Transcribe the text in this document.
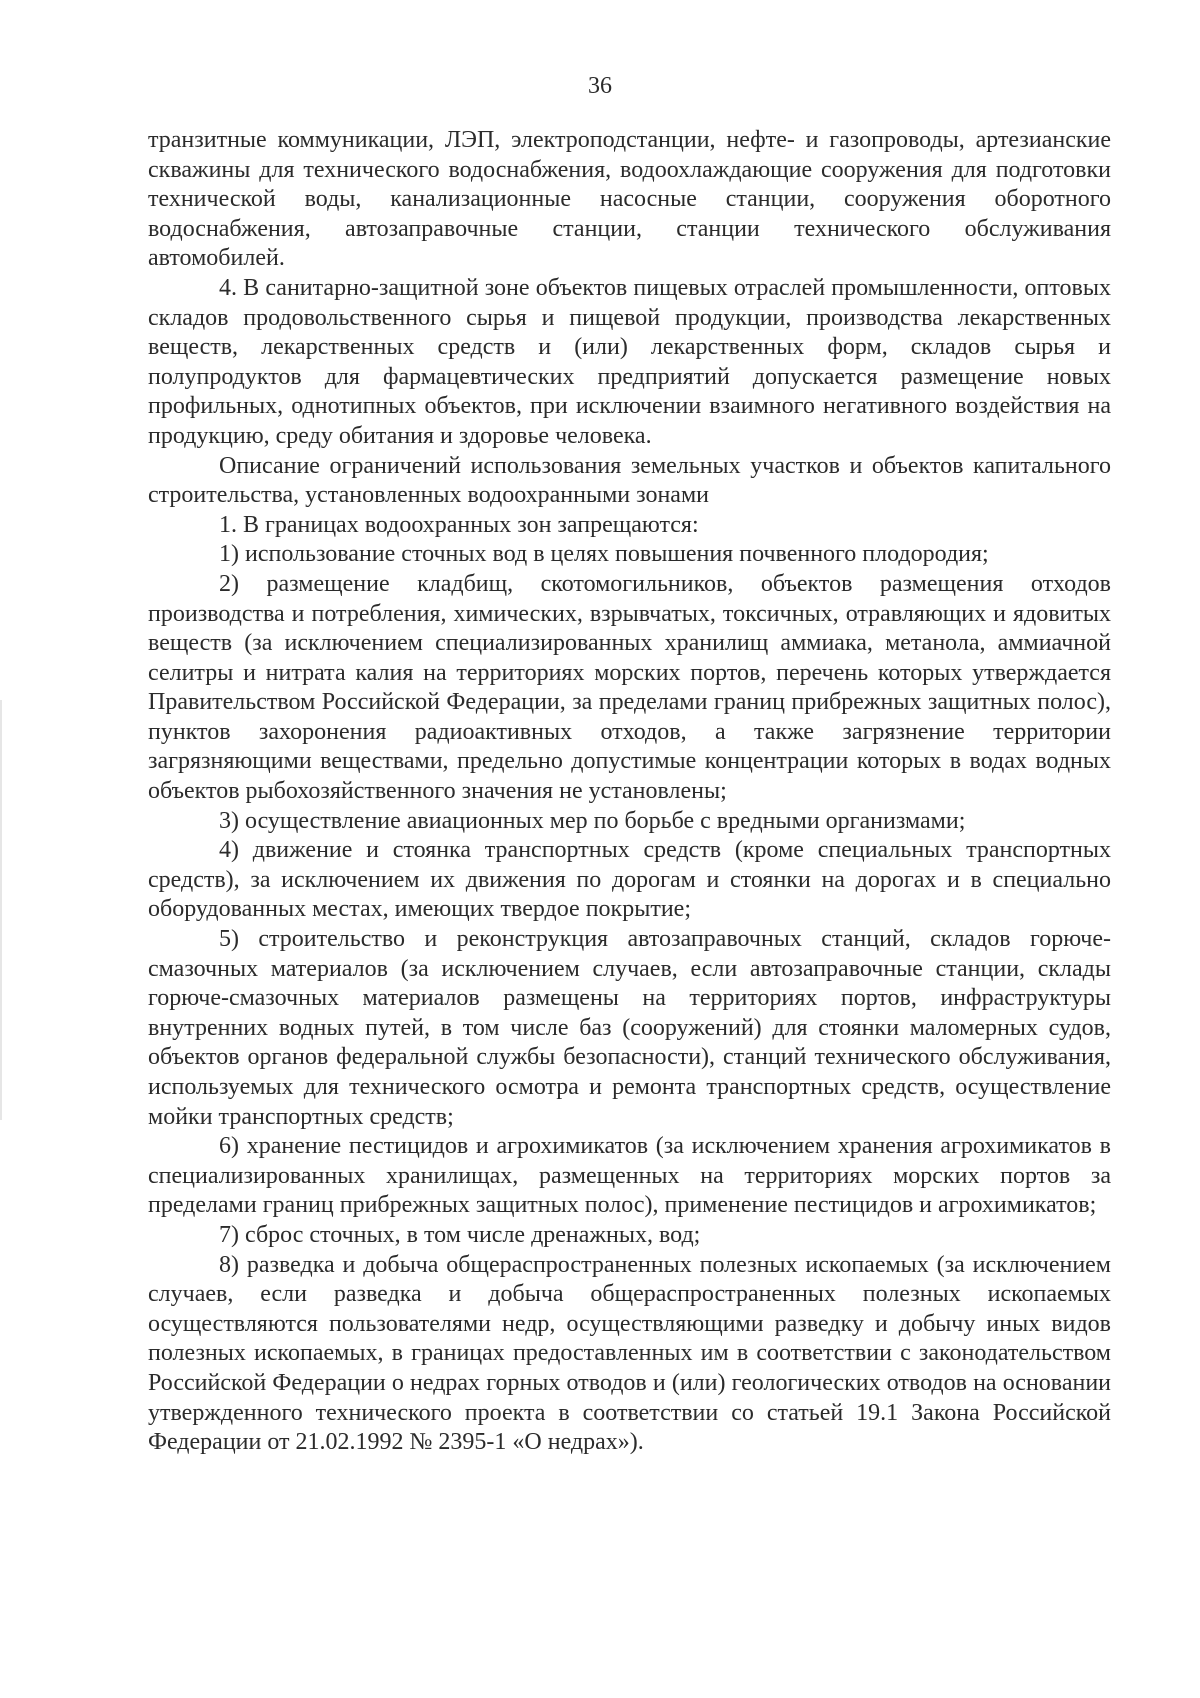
36

транзитные коммуникации, ЛЭП, электроподстанции, нефте- и газопроводы, артезианские скважины для технического водоснабжения, водоохлаждающие сооружения для подготовки технической воды, канализационные насосные станции, сооружения оборотного водоснабжения, автозаправочные станции, станции технического обслуживания автомобилей.

4. В санитарно-защитной зоне объектов пищевых отраслей промышленности, оптовых складов продовольственного сырья и пищевой продукции, производства лекарственных веществ, лекарственных средств и (или) лекарственных форм, складов сырья и полупродуктов для фармацевтических предприятий допускается размещение новых профильных, однотипных объектов, при исключении взаимного негативного воздействия на продукцию, среду обитания и здоровье человека.

Описание ограничений использования земельных участков и объектов капитального строительства, установленных водоохранными зонами

1. В границах водоохранных зон запрещаются:

1) использование сточных вод в целях повышения почвенного плодородия;

2) размещение кладбищ, скотомогильников, объектов размещения отходов производства и потребления, химических, взрывчатых, токсичных, отравляющих и ядовитых веществ (за исключением специализированных хранилищ аммиака, метанола, аммиачной селитры и нитрата калия на территориях морских портов, перечень которых утверждается Правительством Российской Федерации, за пределами границ прибрежных защитных полос), пунктов захоронения радиоактивных отходов, а также загрязнение территории загрязняющими веществами, предельно допустимые концентрации которых в водах водных объектов рыбохозяйственного значения не установлены;

3) осуществление авиационных мер по борьбе с вредными организмами;

4) движение и стоянка транспортных средств (кроме специальных транспортных средств), за исключением их движения по дорогам и стоянки на дорогах и в специально оборудованных местах, имеющих твердое покрытие;

5) строительство и реконструкция автозаправочных станций, складов горюче-смазочных материалов (за исключением случаев, если автозаправочные станции, склады горюче-смазочных материалов размещены на территориях портов, инфраструктуры внутренних водных путей, в том числе баз (сооружений) для стоянки маломерных судов, объектов органов федеральной службы безопасности), станций технического обслуживания, используемых для технического осмотра и ремонта транспортных средств, осуществление мойки транспортных средств;

6) хранение пестицидов и агрохимикатов (за исключением хранения агрохимикатов в специализированных хранилищах, размещенных на территориях морских портов за пределами границ прибрежных защитных полос), применение пестицидов и агрохимикатов;

7) сброс сточных, в том числе дренажных, вод;

8) разведка и добыча общераспространенных полезных ископаемых (за исключением случаев, если разведка и добыча общераспространенных полезных ископаемых осуществляются пользователями недр, осуществляющими разведку и добычу иных видов полезных ископаемых, в границах предоставленных им в соответствии с законодательством Российской Федерации о недрах горных отводов и (или) геологических отводов на основании утвержденного технического проекта в соответствии со статьей 19.1 Закона Российской Федерации от 21.02.1992 № 2395-1 «О недрах»).
